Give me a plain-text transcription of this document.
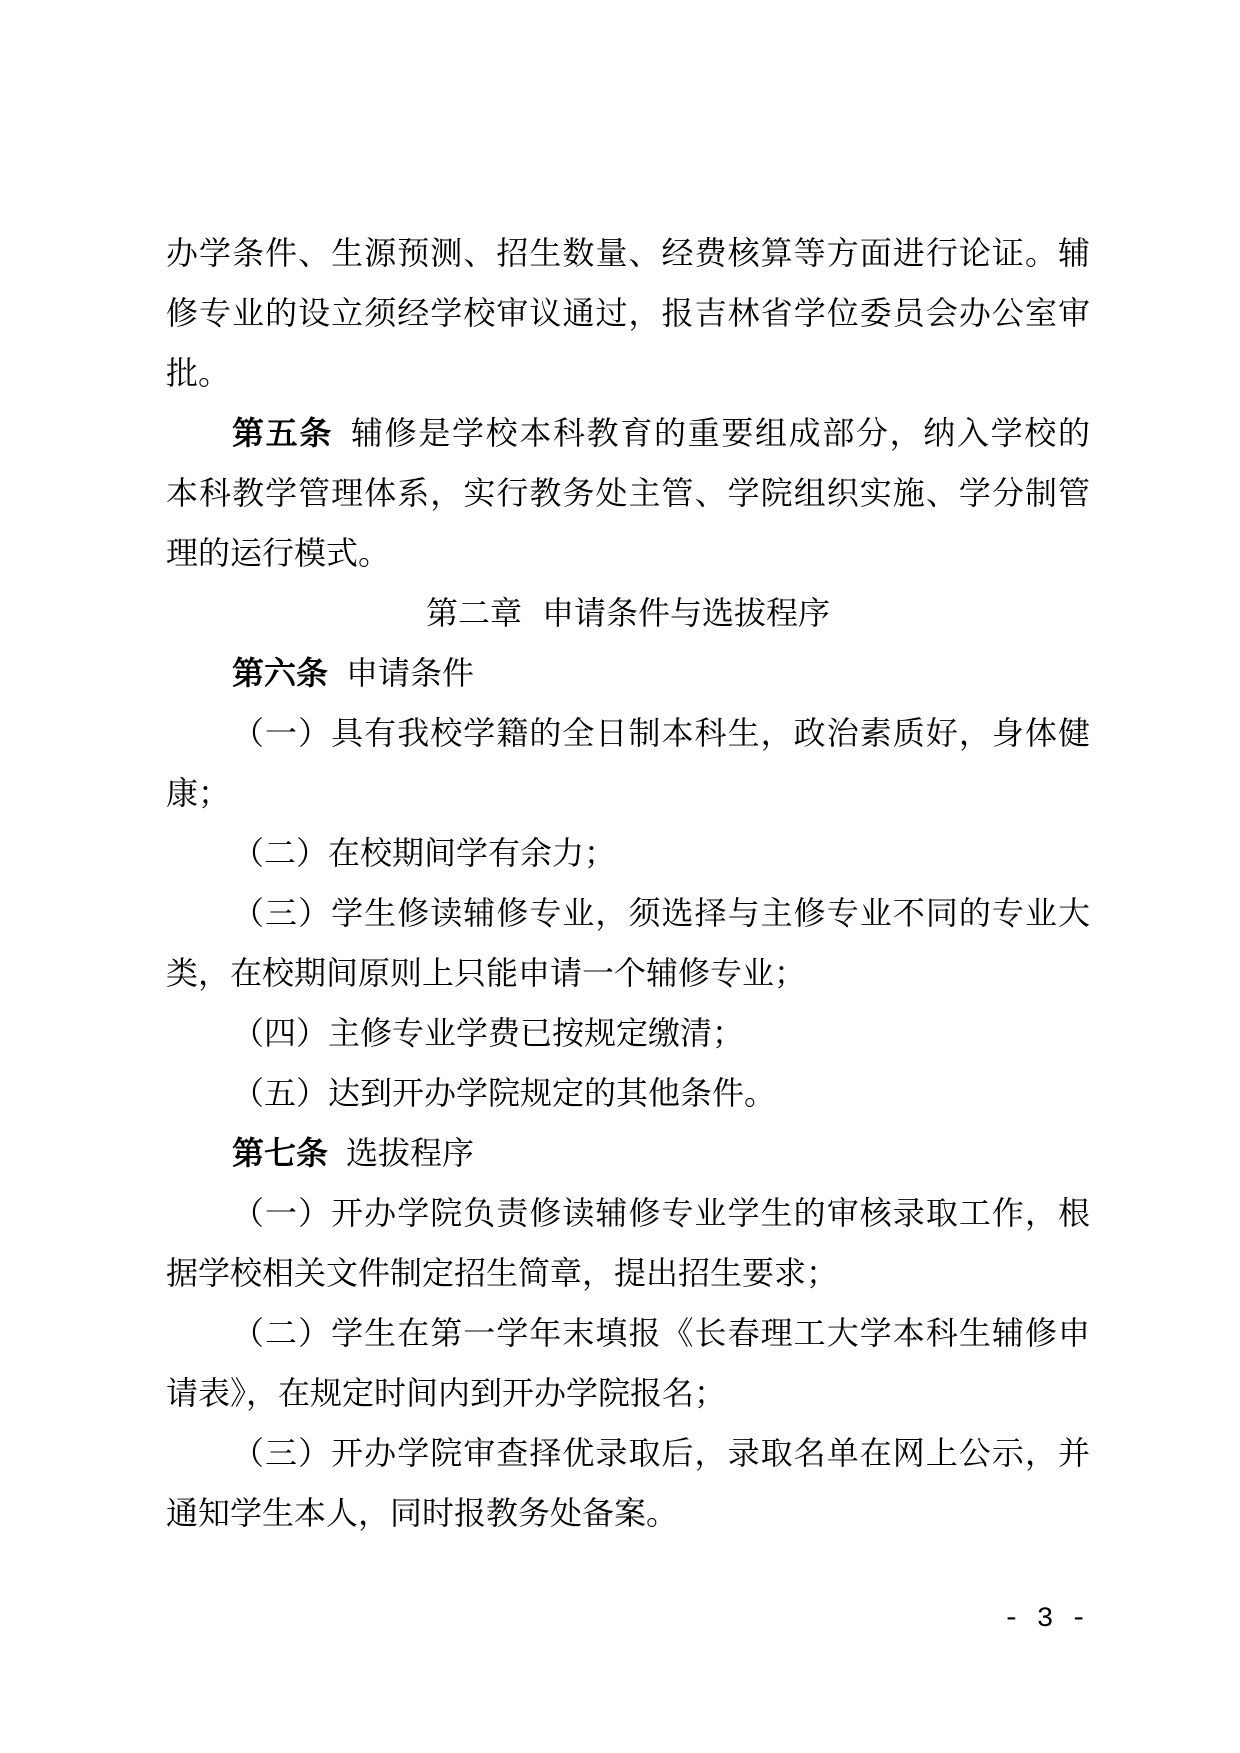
办学条件、生源预测、招生数量、经费核算等方面进行论证。辅
修专业的设立须经学校审议通过，报吉林省学位委员会办公室审
批。
第五条 辅修是学校本科教育的重要组成部分，纳入学校的
本科教学管理体系，实行教务处主管、学院组织实施、学分制管
理的运行模式。
第二章 申请条件与选拔程序
第六条 申请条件
（一）具有我校学籍的全日制本科生，政治素质好，身体健
康；
（二）在校期间学有余力；
（三）学生修读辅修专业，须选择与主修专业不同的专业大
类，在校期间原则上只能申请一个辅修专业；
（四）主修专业学费已按规定缴清；
（五）达到开办学院规定的其他条件。
第七条 选拔程序
（一）开办学院负责修读辅修专业学生的审核录取工作，根
据学校相关文件制定招生简章，提出招生要求；
（二）学生在第一学年末填报《长春理工大学本科生辅修申
请表》，在规定时间内到开办学院报名；
（三）开办学院审查择优录取后，录取名单在网上公示，并
通知学生本人，同时报教务处备案。
- 3 -
